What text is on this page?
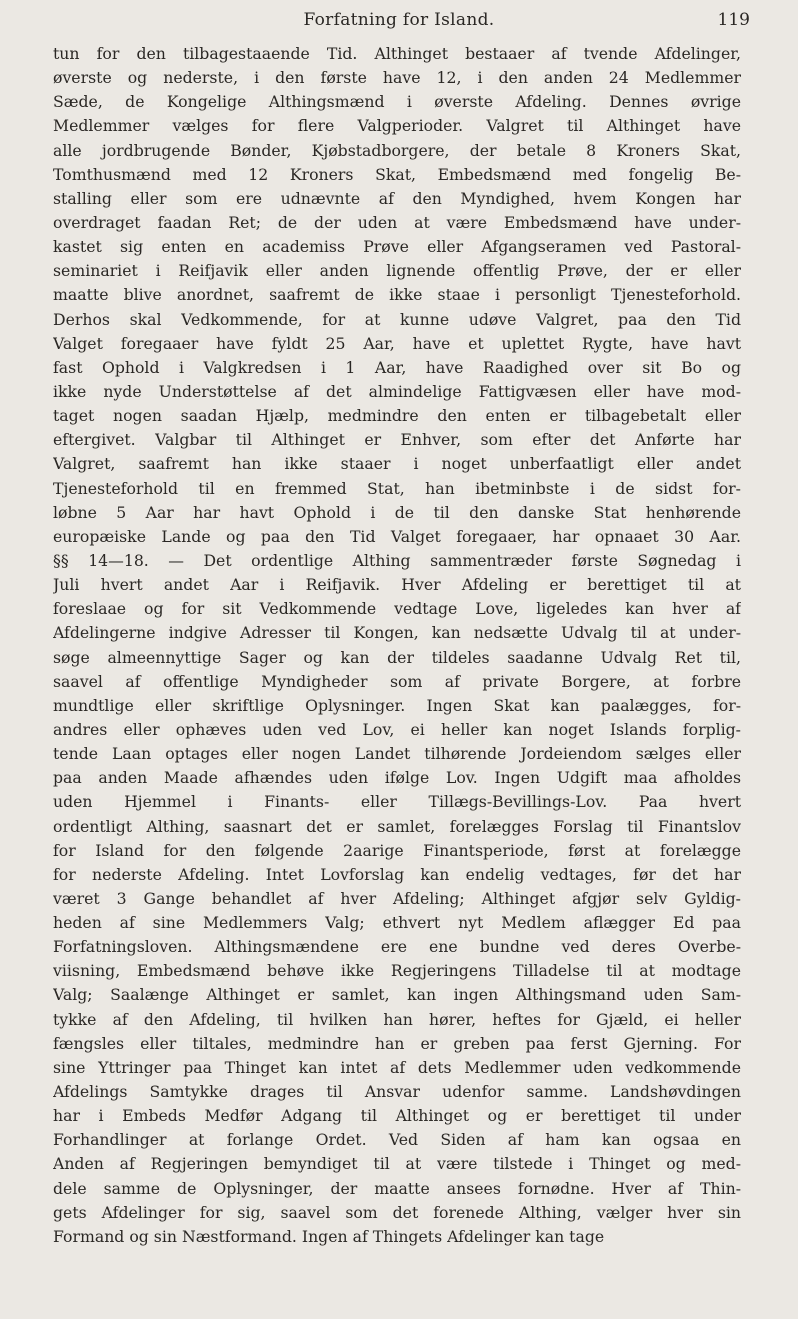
Forfatning for Island.	119
tun for den tilbagestaaende Tid. Althinget bestaaer af tvende Afdelinger,
øverste og nederste, i den første have 12, i den anden 24 Medlemmer
Sæde, de Kongelige Althingsmænd i øverste Afdeling. Dennes øvrige
Medlemmer vælges for flere Valgperioder. Valgret til Althinget have
alle jordbrugende Bønder, Kjøbstadborgere, der betale 8 Kroners Skat,
Tomthusmænd med 12 Kroners Skat, Embedsmænd med fongelig Be-
stalling eller som ere udnævnte af den Myndighed, hvem Kongen har
overdraget faadan Ret; de der uden at være Embedsmænd have under-
kastet sig enten en academiss Prøve eller Afgangseramen ved Pastoral-
seminariet i Reifjavik eller anden lignende offentlig Prøve, der er eller
maatte blive anordnet, saafremt de ikke staae i personligt Tjenesteforhold.
Derhos skal Vedkommende, for at kunne udøve Valgret, paa den Tid
Valget foregaaer have fyldt 25 Aar, have et uplettet Rygte, have havt
fast Ophold i Valgkredsen i 1 Aar, have Raadighed over sit Bo og
ikke nyde Understøttelse af det almindelige Fattigvæsen eller have mod-
taget nogen saadan Hjælp, medmindre den enten er tilbagebetalt eller
eftergivet. Valgbar til Althinget er Enhver, som efter det Anførte har
Valgret, saafremt han ikke staaer i noget unberfaatligt eller andet
Tjenesteforhold til en fremmed Stat, han ibetminbste i de sidst for-
løbne 5 Aar har havt Ophold i de til den danske Stat henhørende
europæiske Lande og paa den Tid Valget foregaaer, har opnaaet 30 Aar.
§§ 14—18. — Det ordentlige Althing sammentræder første Søgnedag i
Juli hvert andet Aar i Reifjavik. Hver Afdeling er berettiget til at
foreslaae og for sit Vedkommende vedtage Love, ligeledes kan hver af
Afdelingerne indgive Adresser til Kongen, kan nedsætte Udvalg til at under-
søge almeennyttige Sager og kan der tildeles saadanne Udvalg Ret til,
saavel af offentlige Myndigheder som af private Borgere, at forbre
mundtlige eller skriftlige Oplysninger. Ingen Skat kan paalægges, for-
andres eller ophæves uden ved Lov, ei heller kan noget Islands forplig-
tende Laan optages eller nogen Landet tilhørende Jordeiendom sælges eller
paa anden Maade afhændes uden ifølge Lov. Ingen Udgift maa afholdes
uden Hjemmel i Finants- eller Tillægs-Bevillings-Lov. Paa hvert
ordentligt Althing, saasnart det er samlet, forelægges Forslag til Finantslov
for Island for den følgende 2aarige Finantsperiode, først at forelægge
for nederste Afdeling. Intet Lovforslag kan endelig vedtages, før det har
været 3 Gange behandlet af hver Afdeling; Althinget afgjør selv Gyldig-
heden af sine Medlemmers Valg; ethvert nyt Medlem aflægger Ed paa
Forfatningsloven. Althingsmændene ere ene bundne ved deres Overbe-
viisning, Embedsmænd behøve ikke Regjeringens Tilladelse til at modtage
Valg; Saalænge Althinget er samlet, kan ingen Althingsmand uden Sam-
tykke af den Afdeling, til hvilken han hører, heftes for Gjæld, ei heller
fængsles eller tiltales, medmindre han er greben paa ferst Gjerning. For
sine Yttringer paa Thinget kan intet af dets Medlemmer uden vedkommende
Afdelings Samtykke drages til Ansvar udenfor samme. Landshøvdingen
har i Embeds Medfør Adgang til Althinget og er berettiget til under
Forhandlinger at forlange Ordet. Ved Siden af ham kan ogsaa en
Anden af Regjeringen bemyndiget til at være tilstede i Thinget og med-
dele samme de Oplysninger, der maatte ansees fornødne. Hver af Thin-
gets Afdelinger for sig, saavel som det forenede Althing, vælger hver sin
Formand og sin Næstformand. Ingen af Thingets Afdelinger kan tage
